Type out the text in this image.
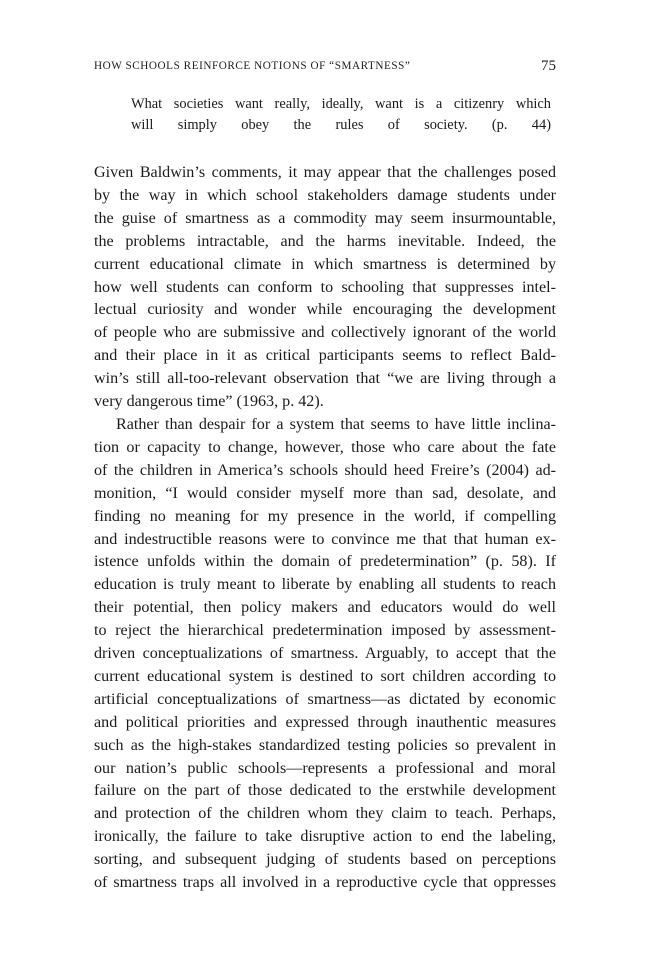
HOW SCHOOLS REINFORCE NOTIONS OF “SMARTNESS”	75
What societies want really, ideally, want is a citizenry which
will simply obey the rules of society. (p. 44)
Given Baldwin’s comments, it may appear that the challenges posed
by the way in which school stakeholders damage students under
the guise of smartness as a commodity may seem insurmountable,
the problems intractable, and the harms inevitable. Indeed, the
current educational climate in which smartness is determined by
how well students can conform to schooling that suppresses intel-
lectual curiosity and wonder while encouraging the development
of people who are submissive and collectively ignorant of the world
and their place in it as critical participants seems to reflect Bald-
win’s still all-too-relevant observation that “we are living through a
very dangerous time” (1963, p. 42).
Rather than despair for a system that seems to have little inclina-
tion or capacity to change, however, those who care about the fate
of the children in America’s schools should heed Freire’s (2004) ad-
monition, “I would consider myself more than sad, desolate, and
finding no meaning for my presence in the world, if compelling
and indestructible reasons were to convince me that that human ex-
istence unfolds within the domain of predetermination” (p. 58). If
education is truly meant to liberate by enabling all students to reach
their potential, then policy makers and educators would do well
to reject the hierarchical predetermination imposed by assessment-
driven conceptualizations of smartness. Arguably, to accept that the
current educational system is destined to sort children according to
artificial conceptualizations of smartness—as dictated by economic
and political priorities and expressed through inauthentic measures
such as the high-stakes standardized testing policies so prevalent in
our nation’s public schools—represents a professional and moral
failure on the part of those dedicated to the erstwhile development
and protection of the children whom they claim to teach. Perhaps,
ironically, the failure to take disruptive action to end the labeling,
sorting, and subsequent judging of students based on perceptions
of smartness traps all involved in a reproductive cycle that oppresses
